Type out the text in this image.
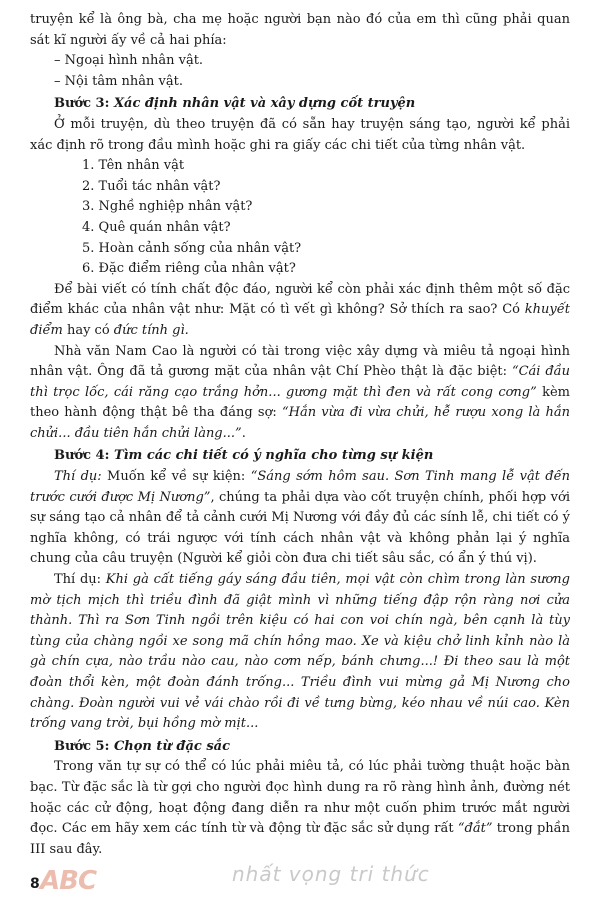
truyện kể là ông bà, cha mẹ hoặc người bạn nào đó của em thì cũng phải quan sát kĩ người ấy về cả hai phía:

– Ngoại hình nhân vật.

– Nội tâm nhân vật.

Bước 3: Xác định nhân vật và xây dựng cốt truyện

Ở mỗi truyện, dù theo truyện đã có sẵn hay truyện sáng tạo, người kể phải xác định rõ trong đầu mình hoặc ghi ra giấy các chi tiết của từng nhân vật.

1. Tên nhân vật

2. Tuổi tác nhân vật?

3. Nghề nghiệp nhân vật?

4. Quê quán nhân vật?

5. Hoàn cảnh sống của nhân vật?

6. Đặc điểm riêng của nhân vật?

Để bài viết có tính chất độc đáo, người kể còn phải xác định thêm một số đặc điểm khác của nhân vật như: Mặt có tì vết gì không? Sở thích ra sao? Có khuyết điểm hay có đức tính gì.

Nhà văn Nam Cao là người có tài trong việc xây dựng và miêu tả ngoại hình nhân vật. Ông đã tả gương mặt của nhân vật Chí Phèo thật là đặc biệt: “Cái đầu thì trọc lốc, cái răng cạo trắng hởn... gương mặt thì đen và rất cong cơng” kèm theo hành động thật bê tha đáng sợ: “Hắn vừa đi vừa chửi, hễ rượu xong là hắn chửi... đầu tiên hắn chửi làng...”.

Bước 4: Tìm các chi tiết có ý nghĩa cho từng sự kiện

Thí dụ: Muốn kể về sự kiện: “Sáng sớm hôm sau. Sơn Tinh mang lễ vật đến trước cưới được Mị Nương”, chúng ta phải dựa vào cốt truyện chính, phối hợp với sự sáng tạo cả nhân để tả cảnh cưới Mị Nương với đầy đủ các sính lễ, chi tiết có ý nghĩa không, có trái ngược với tính cách nhân vật và không phản lại ý nghĩa chung của câu truyện (Người kể giỏi còn đưa chi tiết sâu sắc, có ẩn ý thú vị).

Thí dụ: Khi gà cất tiếng gáy sáng đầu tiên, mọi vật còn chìm trong làn sương mờ tịch mịch thì triều đình đã giật mình vì những tiếng đập rộn ràng nơi cửa thành. Thì ra Sơn Tinh ngồi trên kiệu có hai con voi chín ngà, bên cạnh là tùy tùng của chàng ngồi xe song mã chín hồng mao. Xe và kiệu chở linh kỉnh nào là gà chín cựa, nào trầu nào cau, nào cơm nếp, bánh chưng...! Đi theo sau là một đoàn thổi kèn, một đoàn đánh trống... Triều đình vui mừng gả Mị Nương cho chàng. Đoàn người vui vẻ vái chào rồi đi về tưng bừng, kéo nhau về núi cao. Kèn trống vang trời, bụi hồng mờ mịt...

Bước 5: Chọn từ đặc sắc

Trong văn tự sự có thể có lúc phải miêu tả, có lúc phải tường thuật hoặc bàn bạc. Từ đặc sắc là từ gợi cho người đọc hình dung ra rõ ràng hình ảnh, đường nét hoặc các cử động, hoạt động đang diễn ra như một cuốn phim trước mắt người đọc. Các em hãy xem các tính từ và động từ đặc sắc sử dụng rất “đắt” trong phần III sau đây.

ABC	nhất vọng tri thức
8
